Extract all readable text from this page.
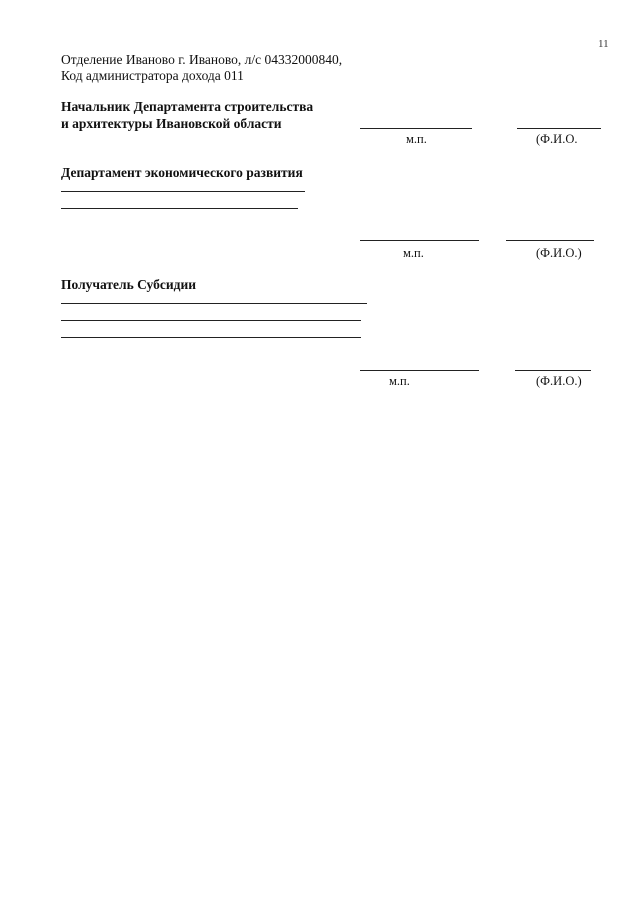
11
Отделение Иваново г. Иваново, л/с 04332000840,
Код администратора дохода 011
Начальник Департамента строительства
и архитектуры Ивановской области
м.п.	(Ф.И.О.
Департамент экономического развития
м.п.	(Ф.И.О.)
Получатель Субсидии
м.п.	(Ф.И.О.)
